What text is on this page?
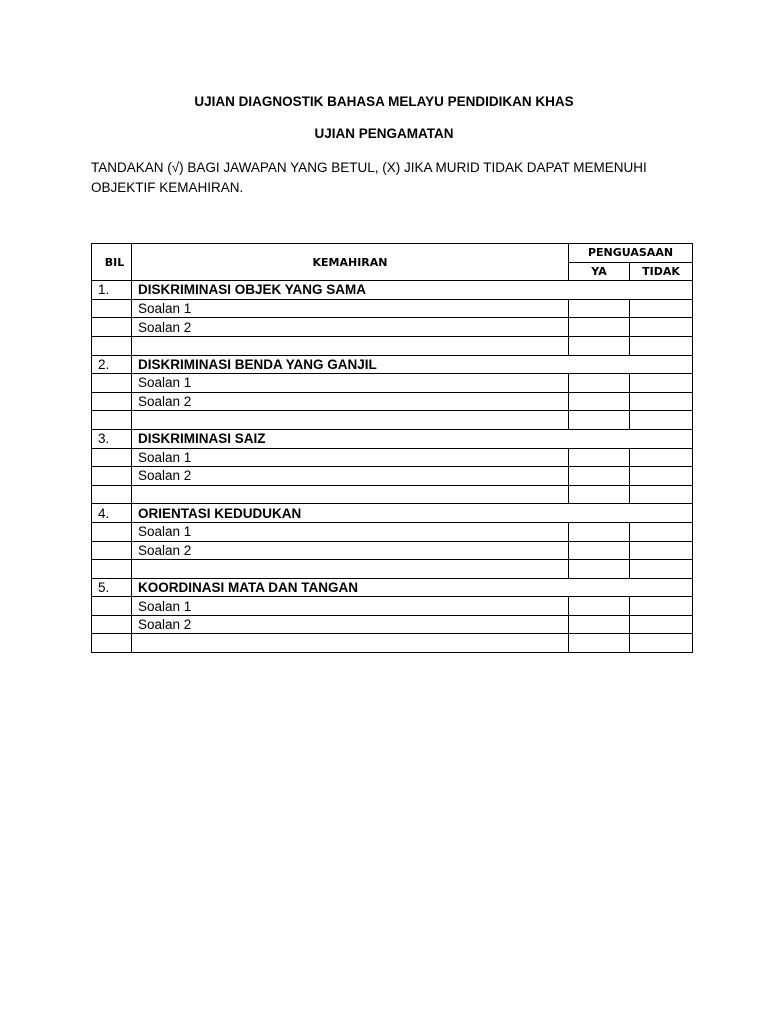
UJIAN DIAGNOSTIK BAHASA MELAYU PENDIDIKAN KHAS
UJIAN PENGAMATAN
TANDAKAN (√) BAGI JAWAPAN YANG BETUL, (X) JIKA MURID TIDAK DAPAT MEMENUHI
OBJEKTIF KEMAHIRAN.
BIL	KEMAHIRAN	PENGUASAAN	
		YA	TIDAK
1.	DISKRIMINASI OBJEK YANG SAMA		
	Soalan 1		
	Soalan 2		

2.	DISKRIMINASI BENDA YANG GANJIL		
	Soalan 1		
	Soalan 2		

3.	DISKRIMINASI SAIZ		
	Soalan 1		
	Soalan 2		

4.	ORIENTASI KEDUDUKAN		
	Soalan 1		
	Soalan 2		

5.	KOORDINASI MATA DAN TANGAN		
	Soalan 1		
	Soalan 2		
